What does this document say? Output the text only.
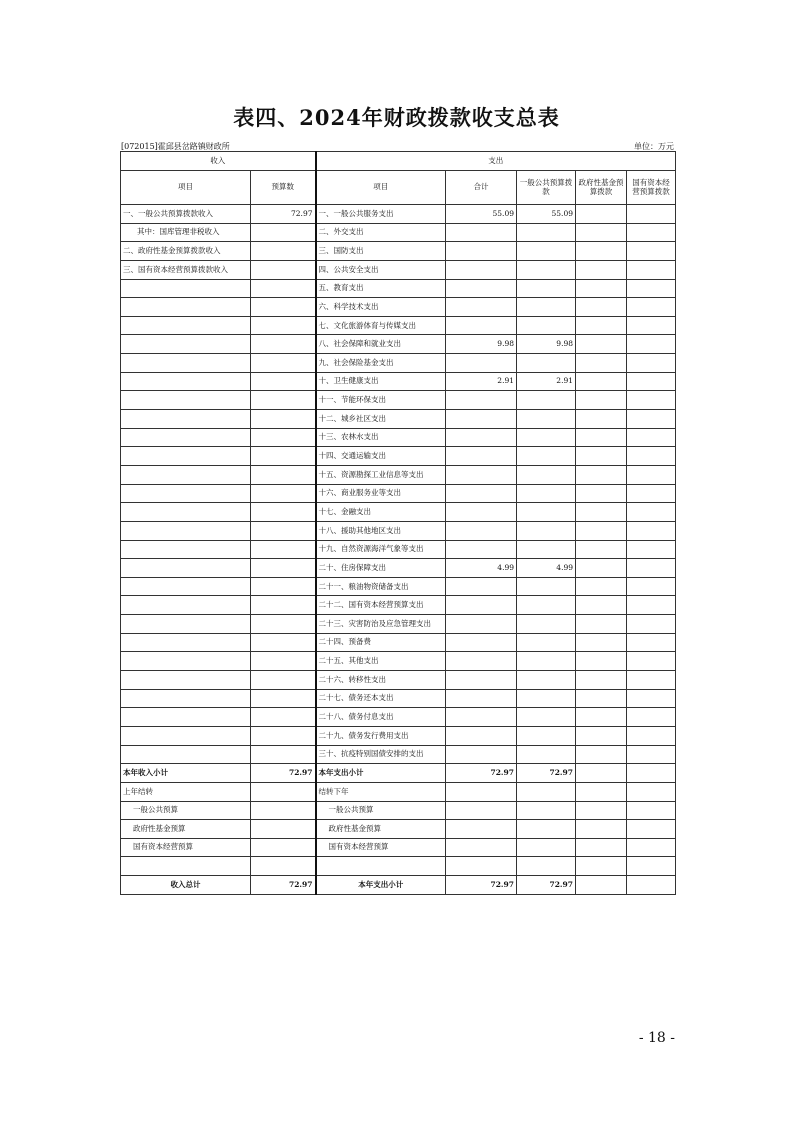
表四、2024年财政拨款收支总表
[072015]霍邱县岔路镇财政所	单位：万元
收入		支出				
项目	预算数	项目	合计	一般公共预算拨款	政府性基金预算拨款	国有资本经营预算拨款
一、一般公共预算拨款收入	72.97	一、一般公共服务支出	55.09	55.09		
其中：国库管理非税收入		二、外交支出				
二、政府性基金预算拨款收入		三、国防支出				
三、国有资本经营预算拨款收入		四、公共安全支出				
		五、教育支出				
		六、科学技术支出				
		七、文化旅游体育与传媒支出				
		八、社会保障和就业支出	9.98	9.98		
		九、社会保险基金支出				
		十、卫生健康支出	2.91	2.91		
		十一、节能环保支出				
		十二、城乡社区支出				
		十三、农林水支出				
		十四、交通运输支出				
		十五、资源勘探工业信息等支出				
		十六、商业服务业等支出				
		十七、金融支出				
		十八、援助其他地区支出				
		十九、自然资源海洋气象等支出				
		二十、住房保障支出	4.99	4.99		
		二十一、粮油物资储备支出				
		二十二、国有资本经营预算支出				
		二十三、灾害防治及应急管理支出				
		二十四、预备费				
		二十五、其他支出				
		二十六、转移性支出				
		二十七、债务还本支出				
		二十八、债务付息支出				
		二十九、债务发行费用支出				
		三十、抗疫特别国债安排的支出				
本年收入小计	72.97	本年支出小计	72.97	72.97		
上年结转		结转下年				
一般公共预算		一般公共预算				
政府性基金预算		政府性基金预算				
国有资本经营预算		国有资本经营预算				

收入总计	72.97	本年支出小计	72.97	72.97		
- 18 -
